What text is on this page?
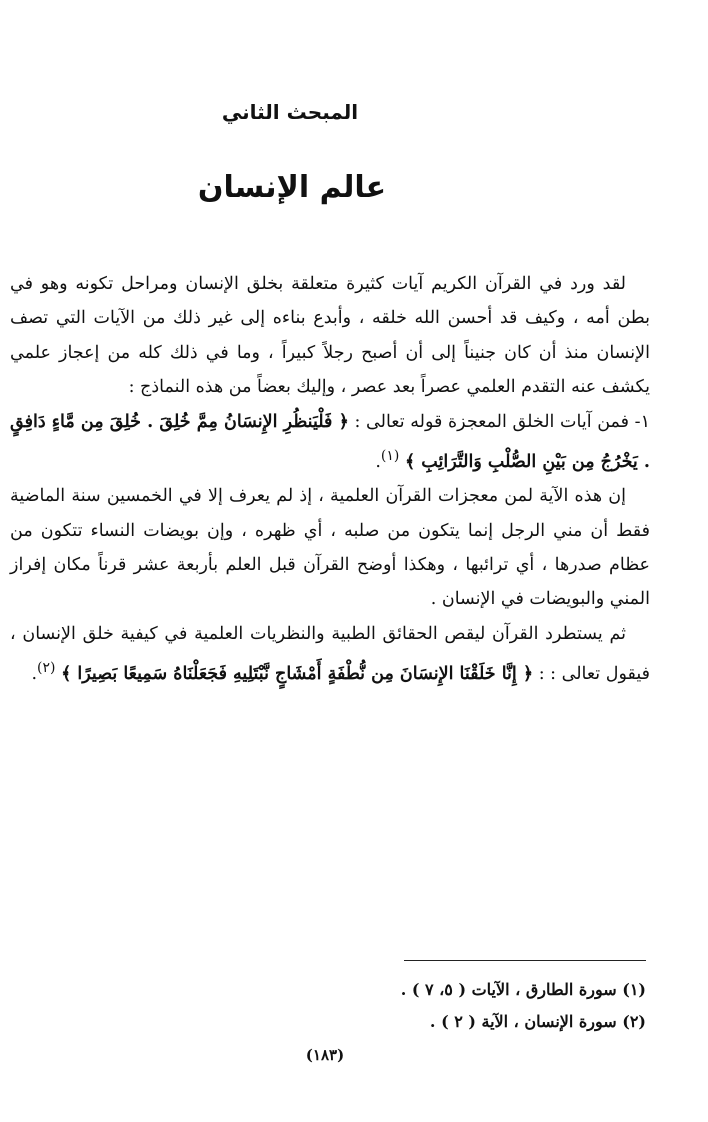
المبحث الثاني
عالم الإنسان

لقد ورد في القرآن الكريم آيات كثيرة متعلقة بخلق الإنسان ومراحل تكونه وهو في بطن أمه ، وكيف قد أحسن الله خلقه ، وأبدع بناءه إلى غير ذلك من الآيات التي تصف الإنسان منذ أن كان جنيناً إلى أن أصبح رجلاً كبيراً ، وما في ذلك كله من إعجاز علمي يكشف عنه التقدم العلمي عصراً بعد عصر ، وإليك بعضاً من هذه النماذج :

١- فمن آيات الخلق المعجزة قوله تعالى : ﴿ فَلْيَنظُرِ الإِنسَانُ مِمَّ خُلِقَ . خُلِقَ مِن مَّاءٍ دَافِقٍ . يَخْرُجُ مِن بَيْنِ الصُّلْبِ وَالتَّرَائِبِ ﴾ $^{(١)}$.

إن هذه الآية لمن معجزات القرآن العلمية ، إذ لم يعرف إلا في الخمسين سنة الماضية فقط أن مني الرجل إنما يتكون من صلبه ، أي ظهره ، وإن بويضات النساء تتكون من عظام صدرها ، أي ترائبها ، وهكذا أوضح القرآن قبل العلم بأربعة عشر قرناً مكان إفراز المني والبويضات في الإنسان .

ثم يستطرد القرآن ليقص الحقائق الطبية والنظريات العلمية في كيفية خلق الإنسان ، فيقول تعالى : : ﴿ إِنَّا خَلَقْنَا الإِنسَانَ مِن نُّطْفَةٍ أَمْشَاجٍ نَّبْتَلِيهِ فَجَعَلْنَاهُ سَمِيعًا بَصِيرًا ﴾ $^{(٢)}$.

(١) سورة الطارق ، الآيات ( ٥، ٧ ) .

(٢) سورة الإنسان ، الآية ( ٢ ) .

(١٨٣)
